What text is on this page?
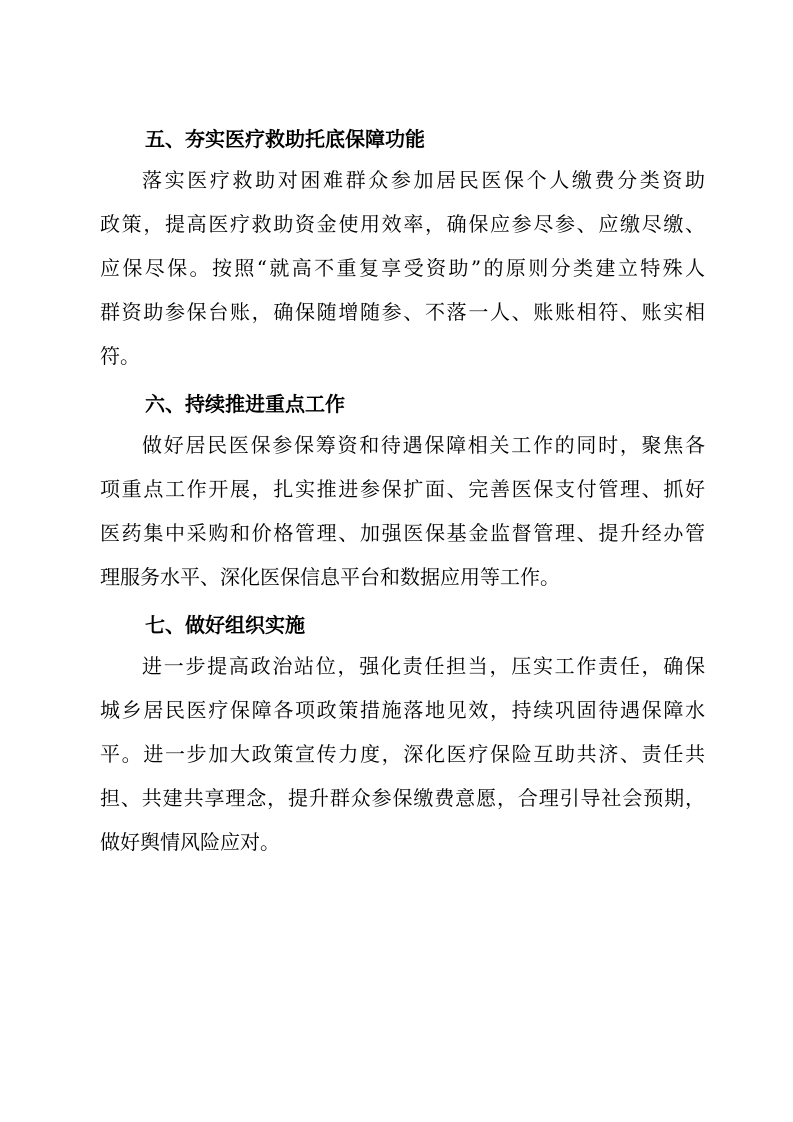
五、夯实医疗救助托底保障功能

落实医疗救助对困难群众参加居民医保个人缴费分类资助
政策，提高医疗救助资金使用效率，确保应参尽参、应缴尽缴、
应保尽保。按照“就高不重复享受资助”的原则分类建立特殊人
群资助参保台账，确保随增随参、不落一人、账账相符、账实相
符。

六、持续推进重点工作

做好居民医保参保筹资和待遇保障相关工作的同时，聚焦各
项重点工作开展，扎实推进参保扩面、完善医保支付管理、抓好
医药集中采购和价格管理、加强医保基金监督管理、提升经办管
理服务水平、深化医保信息平台和数据应用等工作。

七、做好组织实施

进一步提高政治站位，强化责任担当，压实工作责任，确保
城乡居民医疗保障各项政策措施落地见效，持续巩固待遇保障水
平。进一步加大政策宣传力度，深化医疗保险互助共济、责任共
担、共建共享理念，提升群众参保缴费意愿，合理引导社会预期，
做好舆情风险应对。
